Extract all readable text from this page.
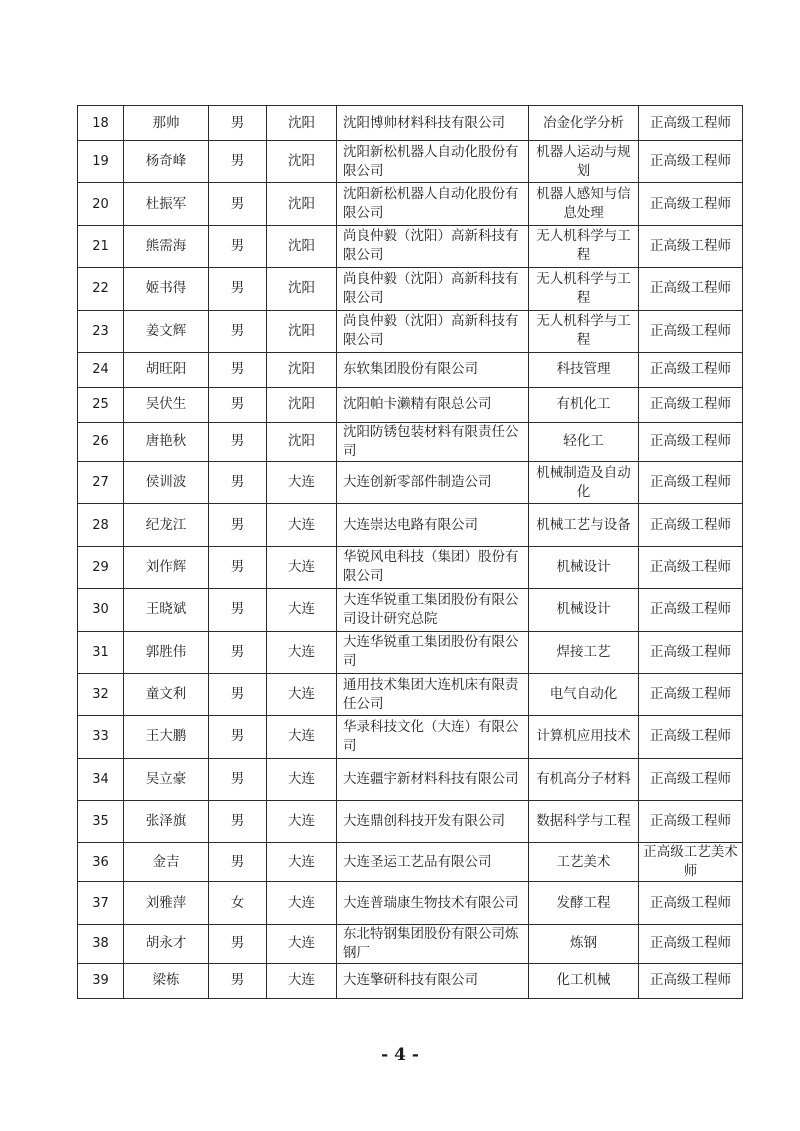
18	那帅	男	沈阳	沈阳博帅材料科技有限公司	冶金化学分析	正高级工程师
19	杨奇峰	男	沈阳	沈阳新松机器人自动化股份有限公司	机器人运动与规划	正高级工程师
20	杜振军	男	沈阳	沈阳新松机器人自动化股份有限公司	机器人感知与信息处理	正高级工程师
21	熊需海	男	沈阳	尚良仲毅（沈阳）高新科技有限公司	无人机科学与工程	正高级工程师
22	姬书得	男	沈阳	尚良仲毅（沈阳）高新科技有限公司	无人机科学与工程	正高级工程师
23	姜文辉	男	沈阳	尚良仲毅（沈阳）高新科技有限公司	无人机科学与工程	正高级工程师
24	胡旺阳	男	沈阳	东软集团股份有限公司	科技管理	正高级工程师
25	吴伏生	男	沈阳	沈阳帕卡濑精有限总公司	有机化工	正高级工程师
26	唐艳秋	男	沈阳	沈阳防锈包装材料有限责任公司	轻化工	正高级工程师
27	侯训波	男	大连	大连创新零部件制造公司	机械制造及自动化	正高级工程师
28	纪龙江	男	大连	大连崇达电路有限公司	机械工艺与设备	正高级工程师
29	刘作辉	男	大连	华锐风电科技（集团）股份有限公司	机械设计	正高级工程师
30	王晓斌	男	大连	大连华锐重工集团股份有限公司设计研究总院	机械设计	正高级工程师
31	郭胜伟	男	大连	大连华锐重工集团股份有限公司	焊接工艺	正高级工程师
32	童文利	男	大连	通用技术集团大连机床有限责任公司	电气自动化	正高级工程师
33	王大鹏	男	大连	华录科技文化（大连）有限公司	计算机应用技术	正高级工程师
34	吴立豪	男	大连	大连疆宇新材料科技有限公司	有机高分子材料	正高级工程师
35	张泽旗	男	大连	大连鼎创科技开发有限公司	数据科学与工程	正高级工程师
36	金吉	男	大连	大连圣运工艺品有限公司	工艺美术	正高级工艺美术师
37	刘雅萍	女	大连	大连普瑞康生物技术有限公司	发酵工程	正高级工程师
38	胡永才	男	大连	东北特钢集团股份有限公司炼钢厂	炼钢	正高级工程师
39	梁栋	男	大连	大连擎研科技有限公司	化工机械	正高级工程师
- 4 -
